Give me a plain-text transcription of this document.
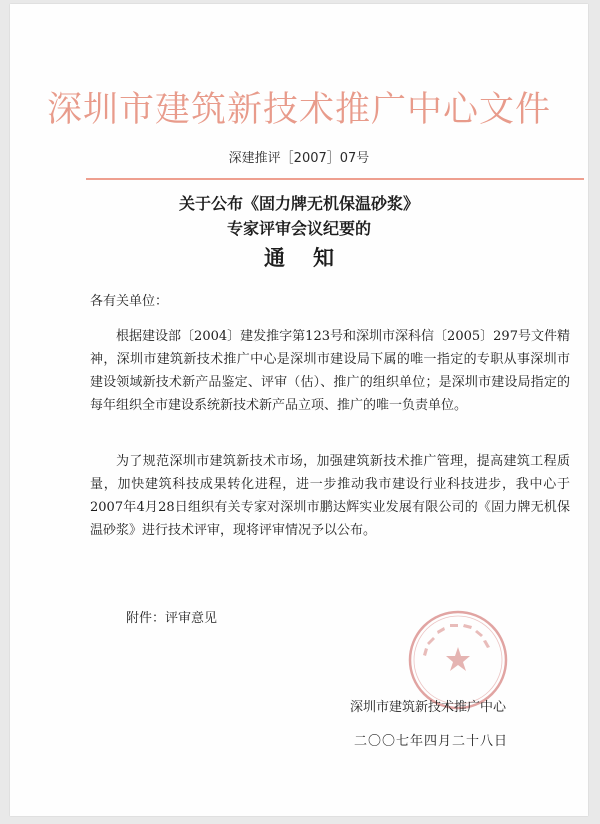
深圳市建筑新技术推广中心文件
深建推评［2007］07号
关于公布《固力牌无机保温砂浆》
专家评审会议纪要的
通知
各有关单位：
根据建设部〔2004〕建发推字第123号和深圳市深科信〔2005〕297号文件精神，深圳市建筑新技术推广中心是深圳市建设局下属的唯一指定的专职从事深圳市建设领域新技术新产品鉴定、评审（估）、推广的组织单位；是深圳市建设局指定的每年组织全市建设系统新技术新产品立项、推广的唯一负责单位。
为了规范深圳市建筑新技术市场，加强建筑新技术推广管理，提高建筑工程质量，加快建筑科技成果转化进程，进一步推动我市建设行业科技进步，我中心于2007年4月28日组织有关专家对深圳市鹏达辉实业发展有限公司的《固力牌无机保温砂浆》进行技术评审，现将评审情况予以公布。
附件：评审意见
深圳市建筑新技术推广中心
二〇〇七年四月二十八日
